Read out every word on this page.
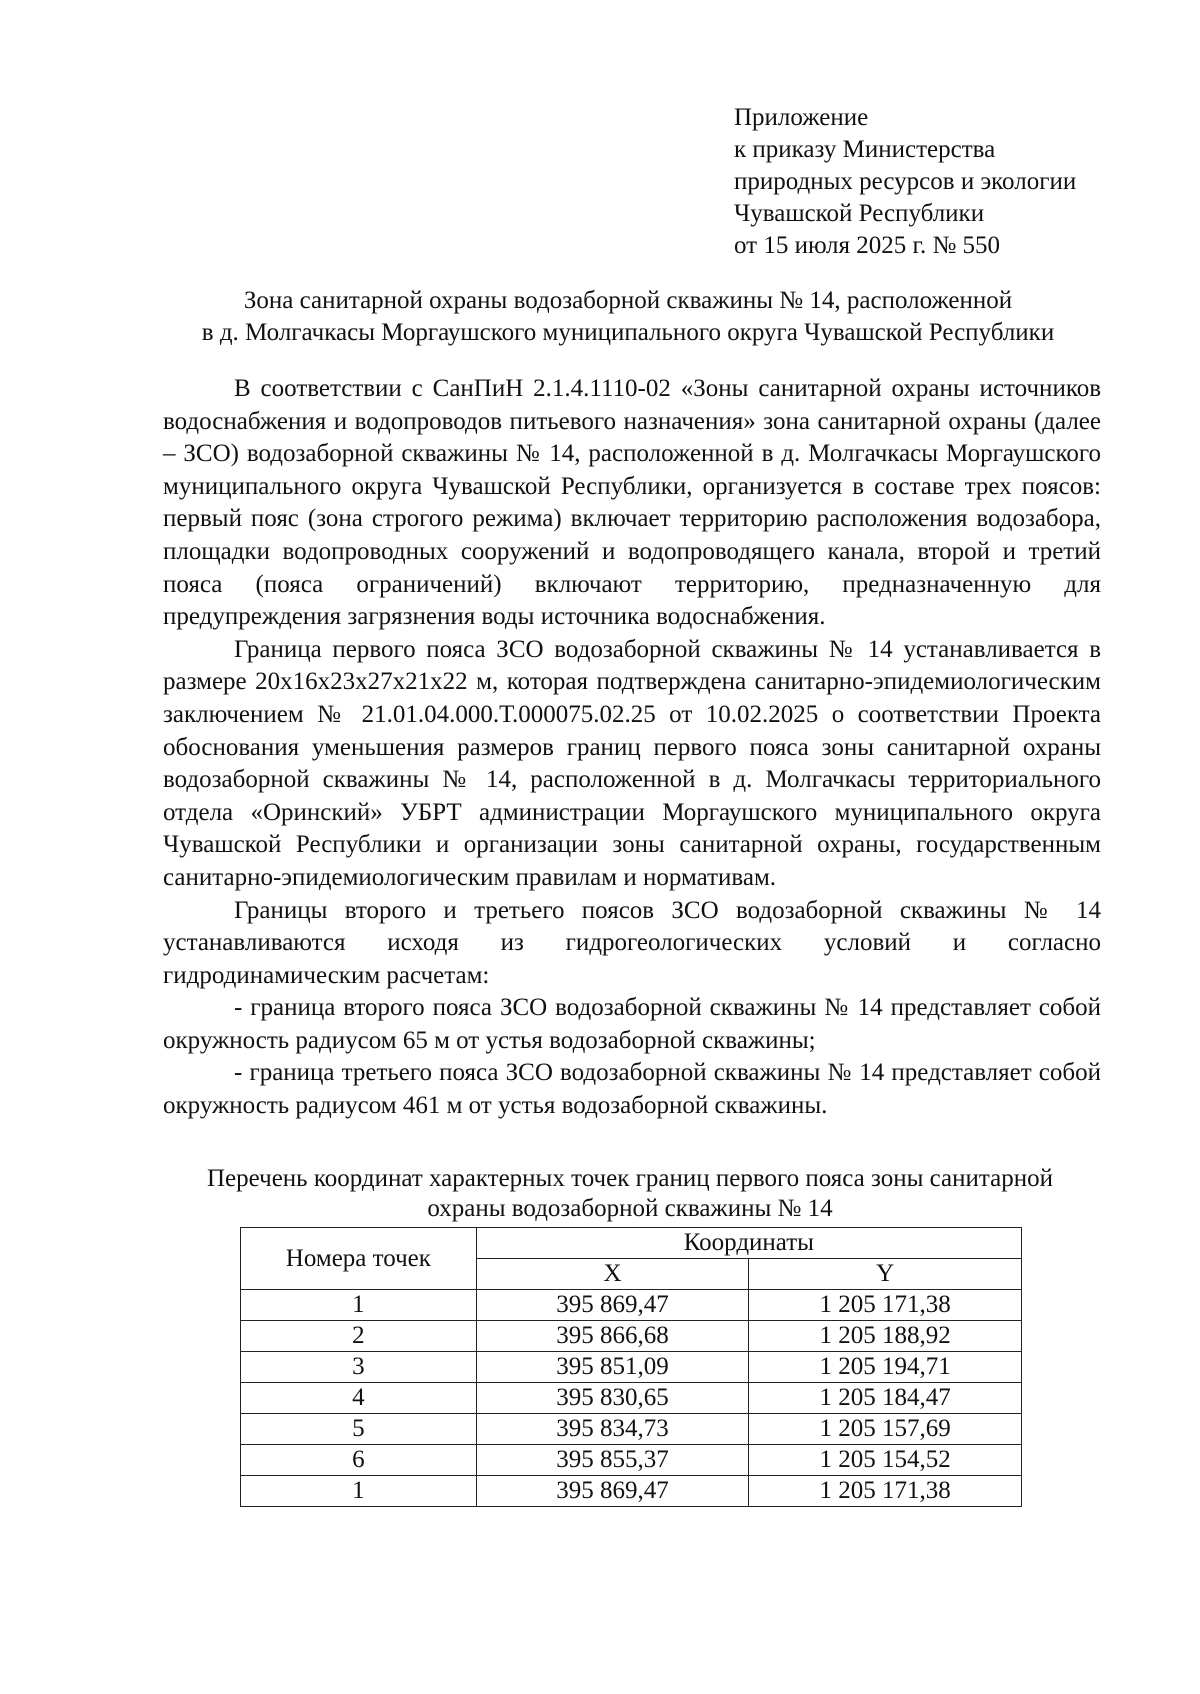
Приложение
к приказу Министерства
природных ресурсов и экологии
Чувашской Республики
от 15 июля 2025 г. № 550
Зона санитарной охраны водозаборной скважины № 14, расположенной
в д. Молгачкасы Моргаушского муниципального округа Чувашской Республики

В соответствии с СанПиН 2.1.4.1110-02 «Зоны санитарной охраны источников водоснабжения и водопроводов питьевого назначения» зона санитарной охраны (далее – ЗСО) водозаборной скважины № 14, расположенной в д. Молгачкасы Моргаушского муниципального округа Чувашской Республики, организуется в составе трех поясов: первый пояс (зона строгого режима) включает территорию расположения водозабора, площадки водопроводных сооружений и водопроводящего канала, второй и третий пояса (пояса ограничений) включают территорию, предназначенную для предупреждения загрязнения воды источника водоснабжения.

Граница первого пояса ЗСО водозаборной скважины № 14 устанавливается в размере 20х16х23х27х21х22 м, которая подтверждена санитарно-эпидемиологическим заключением № 21.01.04.000.Т.000075.02.25 от 10.02.2025 о соответствии Проекта обоснования уменьшения размеров границ первого пояса зоны санитарной охраны водозаборной скважины № 14, расположенной в д. Молгачкасы территориального отдела «Оринский» УБРТ администрации Моргаушского муниципального округа Чувашской Республики и организации зоны санитарной охраны, государственным санитарно-эпидемиологическим правилам и нормативам.

Границы второго и третьего поясов ЗСО водозаборной скважины № 14 устанавливаются исходя из гидрогеологических условий и согласно гидродинамическим расчетам:

- граница второго пояса ЗСО водозаборной скважины № 14 представляет собой окружность радиусом 65 м от устья водозаборной скважины;

- граница третьего пояса ЗСО водозаборной скважины № 14 представляет собой окружность радиусом 461 м от устья водозаборной скважины.

Перечень координат характерных точек границ первого пояса зоны санитарной
охраны водозаборной скважины № 14
Номера точек	Координаты	
	X	Y
1	395 869,47	1 205 171,38
2	395 866,68	1 205 188,92
3	395 851,09	1 205 194,71
4	395 830,65	1 205 184,47
5	395 834,73	1 205 157,69
6	395 855,37	1 205 154,52
1	395 869,47	1 205 171,38
